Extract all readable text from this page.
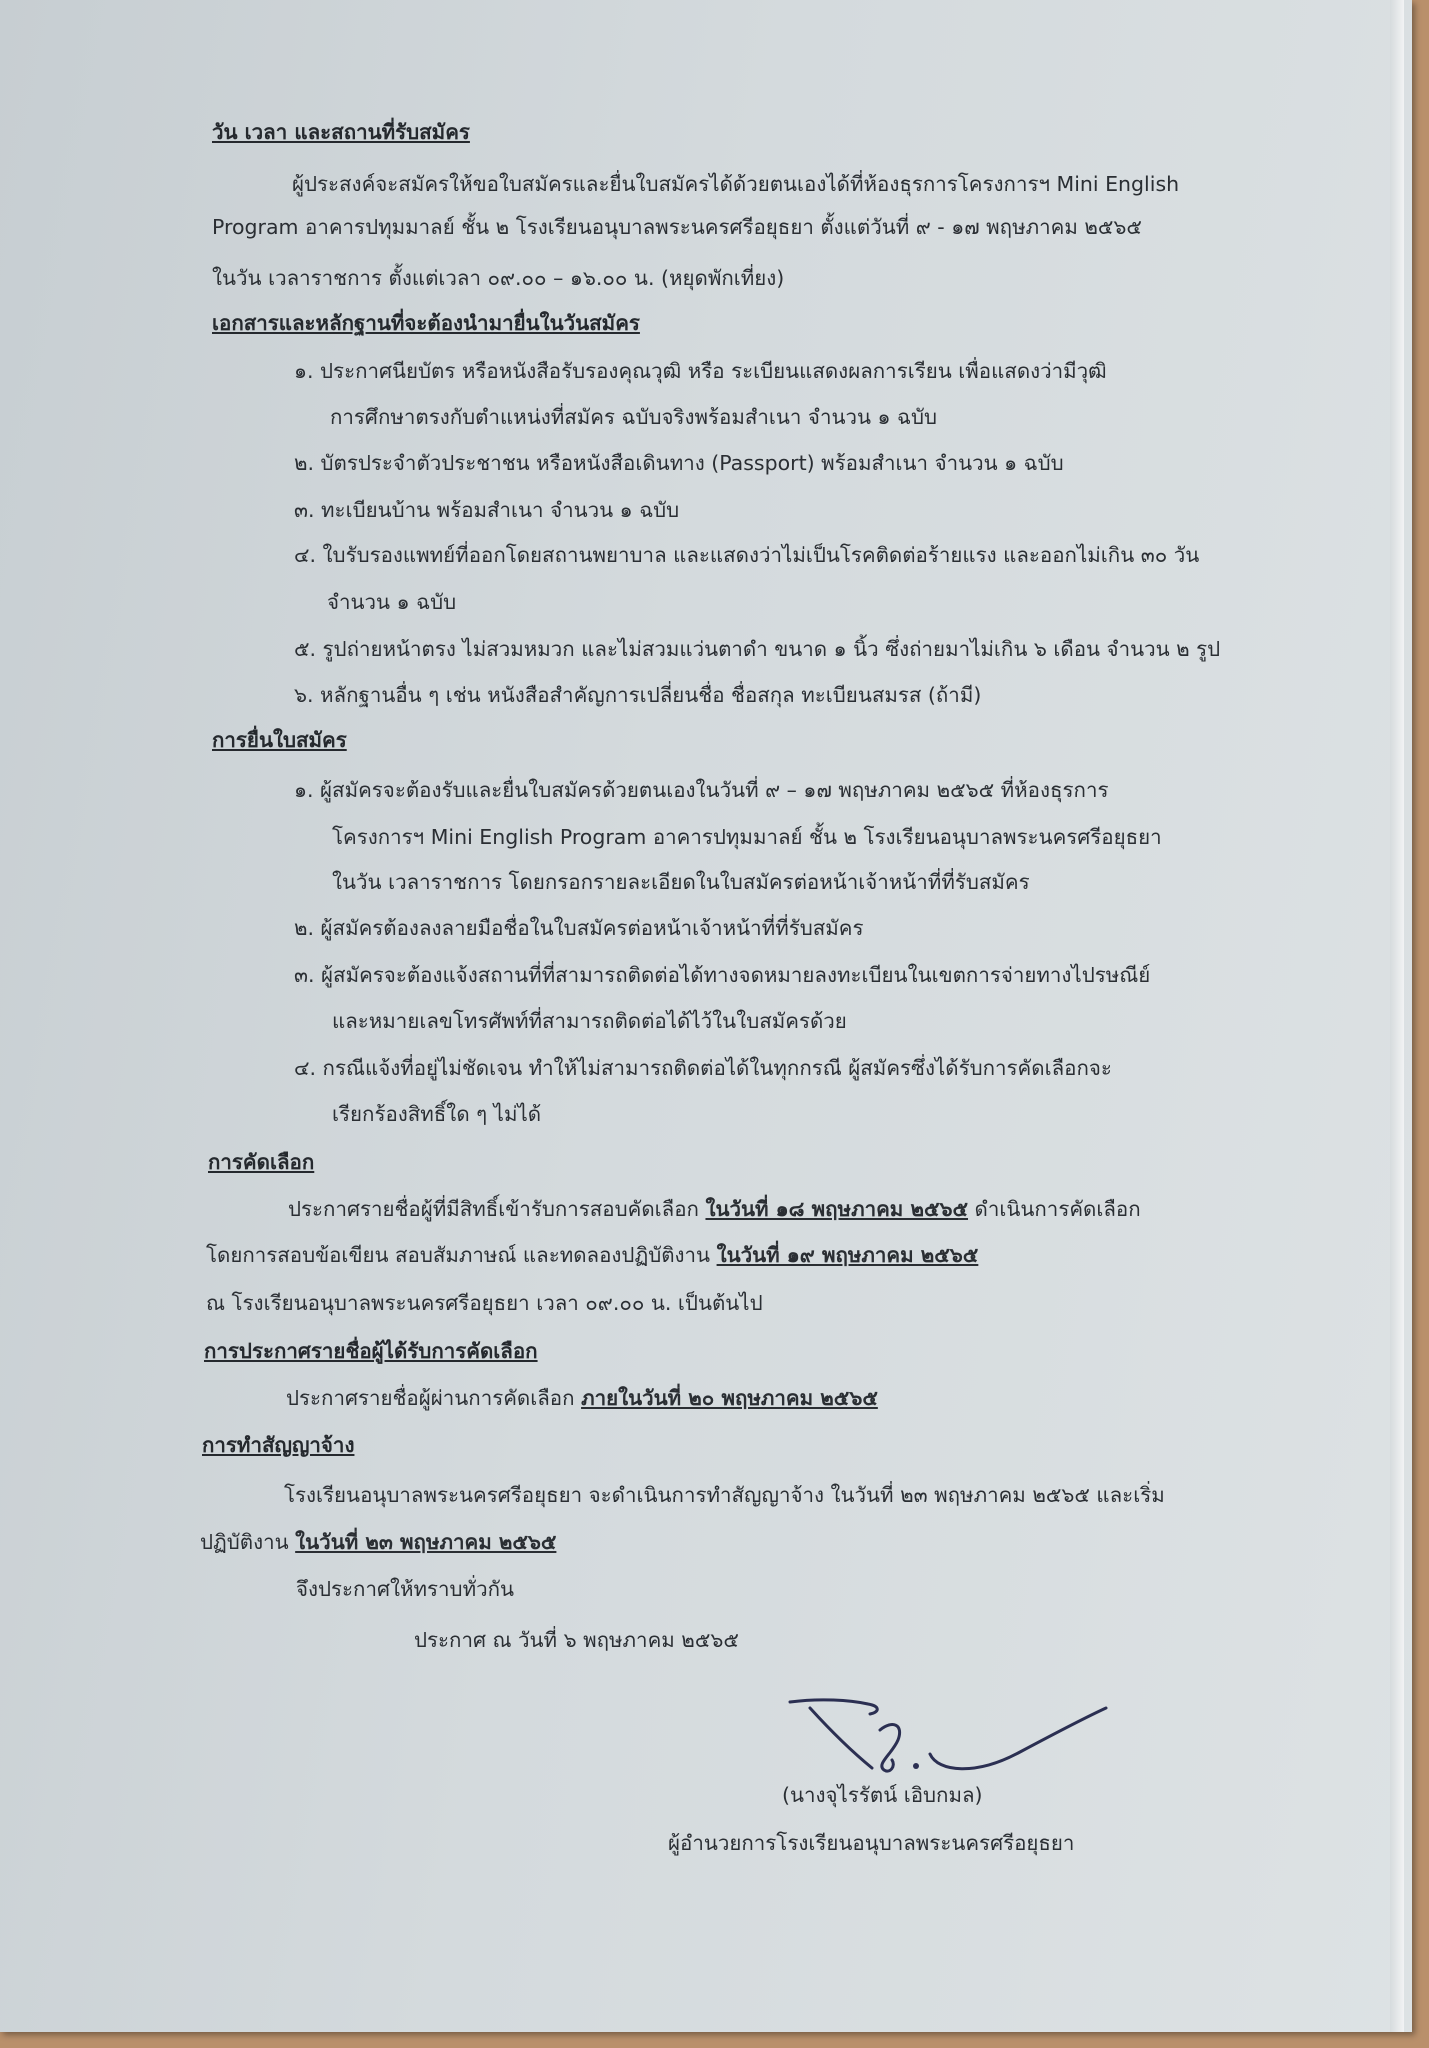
วัน เวลา และสถานที่รับสมัคร

ผู้ประสงค์จะสมัครให้ขอใบสมัครและยื่นใบสมัครได้ด้วยตนเองได้ที่ห้องธุรการโครงการฯ Mini English

Program อาคารปทุมมาลย์ ชั้น ๒ โรงเรียนอนุบาลพระนครศรีอยุธยา ตั้งแต่วันที่ ๙ - ๑๗ พฤษภาคม ๒๕๖๕

ในวัน เวลาราชการ ตั้งแต่เวลา ๐๙.๐๐ – ๑๖.๐๐ น. (หยุดพักเที่ยง)

เอกสารและหลักฐานที่จะต้องนำมายื่นในวันสมัคร

๑. ประกาศนียบัตร หรือหนังสือรับรองคุณวุฒิ หรือ ระเบียนแสดงผลการเรียน เพื่อแสดงว่ามีวุฒิ

การศึกษาตรงกับตำแหน่งที่สมัคร ฉบับจริงพร้อมสำเนา จำนวน ๑ ฉบับ

๒. บัตรประจำตัวประชาชน หรือหนังสือเดินทาง (Passport) พร้อมสำเนา จำนวน ๑ ฉบับ

๓. ทะเบียนบ้าน พร้อมสำเนา จำนวน ๑ ฉบับ

๔. ใบรับรองแพทย์ที่ออกโดยสถานพยาบาล และแสดงว่าไม่เป็นโรคติดต่อร้ายแรง และออกไม่เกิน ๓๐ วัน

จำนวน ๑ ฉบับ

๕. รูปถ่ายหน้าตรง ไม่สวมหมวก และไม่สวมแว่นตาดำ ขนาด ๑ นิ้ว ซึ่งถ่ายมาไม่เกิน ๖ เดือน จำนวน ๒ รูป

๖. หลักฐานอื่น ๆ เช่น หนังสือสำคัญการเปลี่ยนชื่อ ชื่อสกุล ทะเบียนสมรส (ถ้ามี)

การยื่นใบสมัคร

๑. ผู้สมัครจะต้องรับและยื่นใบสมัครด้วยตนเองในวันที่ ๙ – ๑๗ พฤษภาคม ๒๕๖๕ ที่ห้องธุรการ

โครงการฯ Mini English Program อาคารปทุมมาลย์ ชั้น ๒ โรงเรียนอนุบาลพระนครศรีอยุธยา

ในวัน เวลาราชการ โดยกรอกรายละเอียดในใบสมัครต่อหน้าเจ้าหน้าที่ที่รับสมัคร

๒. ผู้สมัครต้องลงลายมือชื่อในใบสมัครต่อหน้าเจ้าหน้าที่ที่รับสมัคร

๓. ผู้สมัครจะต้องแจ้งสถานที่ที่สามารถติดต่อได้ทางจดหมายลงทะเบียนในเขตการจ่ายทางไปรษณีย์

และหมายเลขโทรศัพท์ที่สามารถติดต่อได้ไว้ในใบสมัครด้วย

๔. กรณีแจ้งที่อยู่ไม่ชัดเจน ทำให้ไม่สามารถติดต่อได้ในทุกกรณี ผู้สมัครซึ่งได้รับการคัดเลือกจะ

เรียกร้องสิทธิ์ใด ๆ ไม่ได้

การคัดเลือก

ประกาศรายชื่อผู้ที่มีสิทธิ์เข้ารับการสอบคัดเลือก ในวันที่ ๑๘ พฤษภาคม ๒๕๖๕ ดำเนินการคัดเลือก

โดยการสอบข้อเขียน สอบสัมภาษณ์ และทดลองปฏิบัติงาน ในวันที่ ๑๙ พฤษภาคม ๒๕๖๕

ณ โรงเรียนอนุบาลพระนครศรีอยุธยา เวลา ๐๙.๐๐ น. เป็นต้นไป

การประกาศรายชื่อผู้ได้รับการคัดเลือก

ประกาศรายชื่อผู้ผ่านการคัดเลือก ภายในวันที่ ๒๐ พฤษภาคม ๒๕๖๕

การทำสัญญาจ้าง

โรงเรียนอนุบาลพระนครศรีอยุธยา จะดำเนินการทำสัญญาจ้าง ในวันที่ ๒๓ พฤษภาคม ๒๕๖๕ และเริ่ม

ปฏิบัติงาน ในวันที่ ๒๓ พฤษภาคม ๒๕๖๕

จึงประกาศให้ทราบทั่วกัน

ประกาศ ณ วันที่ ๖ พฤษภาคม ๒๕๖๕

(นางจุไรรัตน์ เอิบกมล)

ผู้อำนวยการโรงเรียนอนุบาลพระนครศรีอยุธยา
